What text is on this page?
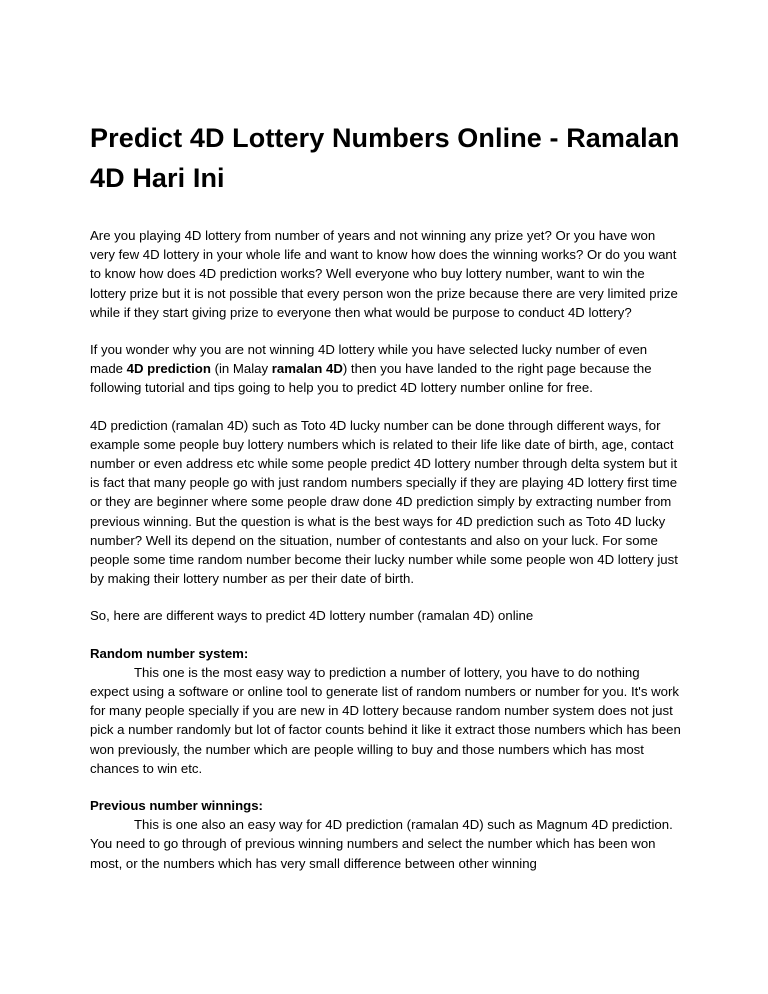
Predict 4D Lottery Numbers Online - Ramalan 4D Hari Ini

Are you playing 4D lottery from number of years and not winning any prize yet? Or you have won very few 4D lottery in your whole life and want to know how does the winning works? Or do you want to know how does 4D prediction works? Well everyone who buy lottery number, want to win the lottery prize but it is not possible that every person won the prize because there are very limited prize while if they start giving prize to everyone then what would be purpose to conduct 4D lottery?

If you wonder why you are not winning 4D lottery while you have selected lucky number of even made 4D prediction (in Malay ramalan 4D) then you have landed to the right page because the following tutorial and tips going to help you to predict 4D lottery number online for free.

4D prediction (ramalan 4D) such as Toto 4D lucky number can be done through different ways, for example some people buy lottery numbers which is related to their life like date of birth, age, contact number or even address etc while some people predict 4D lottery number through delta system but it is fact that many people go with just random numbers specially if they are playing 4D lottery first time or they are beginner where some people draw done 4D prediction simply by extracting number from previous winning. But the question is what is the best ways for 4D prediction such as Toto 4D lucky number? Well its depend on the situation, number of contestants and also on your luck. For some people some time random number become their lucky number while some people won 4D lottery just by making their lottery number as per their date of birth.

So, here are different ways to predict 4D lottery number (ramalan 4D) online

Random number system:

This one is the most easy way to prediction a number of lottery, you have to do nothing expect using a software or online tool to generate list of random numbers or number for you. It's work for many people specially if you are new in 4D lottery because random number system does not just pick a number randomly but lot of factor counts behind it like it extract those numbers which has been won previously, the number which are people willing to buy and those numbers which has most chances to win etc.

Previous number winnings:

This is one also an easy way for 4D prediction (ramalan 4D) such as Magnum 4D prediction. You need to go through of previous winning numbers and select the number which has been won most, or the numbers which has very small difference between other winning
